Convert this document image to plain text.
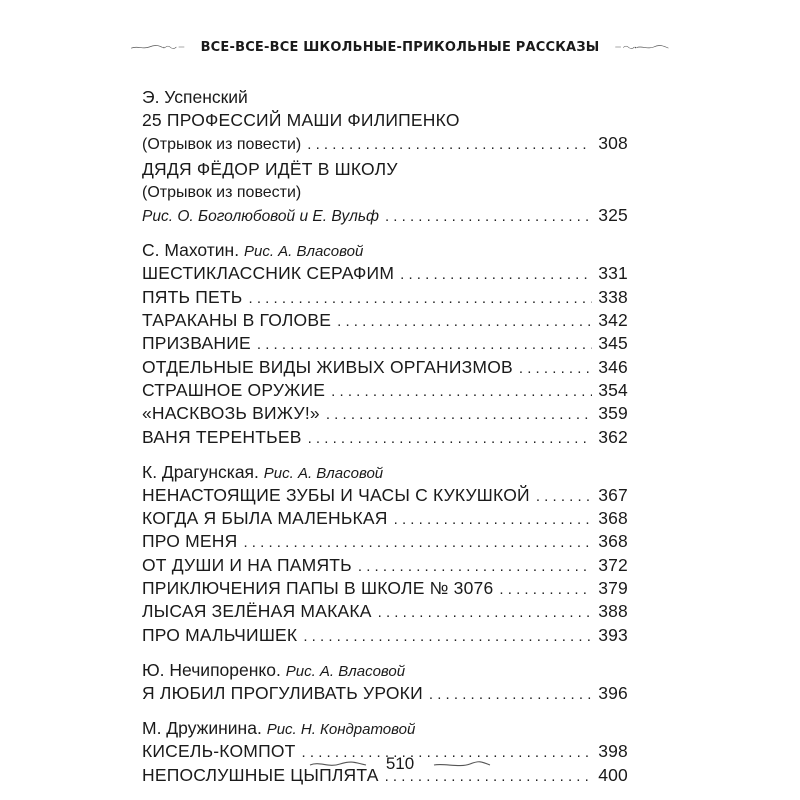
ВСЕ-ВСЕ-ВСЕ ШКОЛЬНЫЕ-ПРИКОЛЬНЫЕ РАССКАЗЫ
Э. Успенский
25 ПРОФЕССИЙ МАШИ ФИЛИПЕНКО
(Отрывок из повести) . . .	308
ДЯДЯ ФЁДОР ИДЁТ В ШКОЛУ
(Отрывок из повести)
Рис. О. Боголюбовой и Е. Вульф . . .	325
С. Махотин. Рис. А. Власовой
ШЕСТИКЛАССНИК СЕРАФИМ . . .	331
ПЯТЬ ПЕТЬ . . .	338
ТАРАКАНЫ В ГОЛОВЕ . . .	342
ПРИЗВАНИЕ . . .	345
ОТДЕЛЬНЫЕ ВИДЫ ЖИВЫХ ОРГАНИЗМОВ . . .	346
СТРАШНОЕ ОРУЖИЕ . . .	354
«НАСКВОЗЬ ВИЖУ!» . . .	359
ВАНЯ ТЕРЕНТЬЕВ . . .	362
К. Драгунская. Рис. А. Власовой
НЕНАСТОЯЩИЕ ЗУБЫ И ЧАСЫ С КУКУШКОЙ . . .	367
КОГДА Я БЫЛА МАЛЕНЬКАЯ . . .	368
ПРО МЕНЯ . . .	368
ОТ ДУШИ И НА ПАМЯТЬ . . .	372
ПРИКЛЮЧЕНИЯ ПАПЫ В ШКОЛЕ № 3076 . . .	379
ЛЫСАЯ ЗЕЛЁНАЯ МАКАКА . . .	388
ПРО МАЛЬЧИШЕК . . .	393
Ю. Нечипоренко. Рис. А. Власовой
Я ЛЮБИЛ ПРОГУЛИВАТЬ УРОКИ . . .	396
М. Дружинина. Рис. Н. Кондратовой
КИСЕЛЬ-КОМПОТ . . .	398
НЕПОСЛУШНЫЕ ЦЫПЛЯТА . . .	400
510
